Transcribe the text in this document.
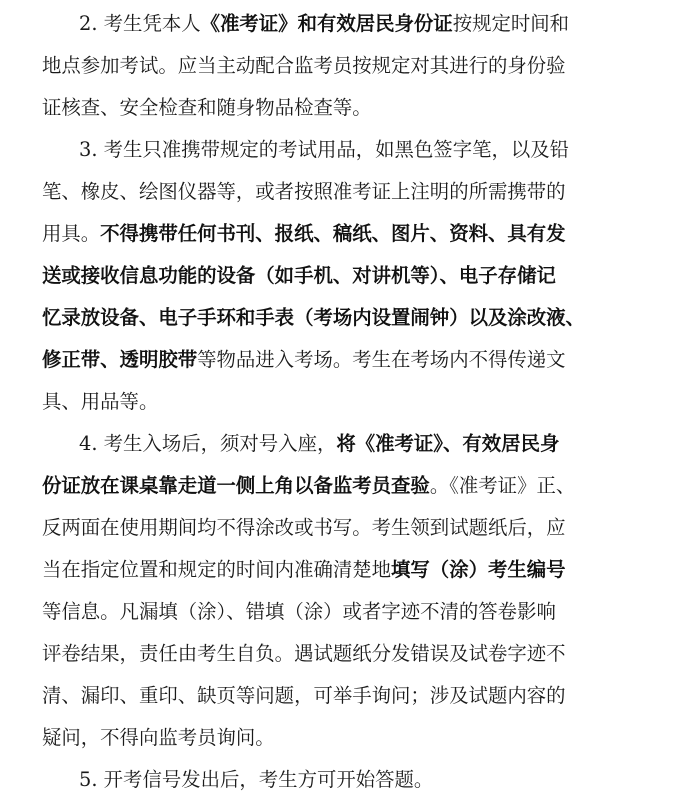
2. 考生凭本人《准考证》和有效居民身份证按规定时间和
地点参加考试。应当主动配合监考员按规定对其进行的身份验
证核查、安全检查和随身物品检查等。
3. 考生只准携带规定的考试用品，如黑色签字笔，以及铅
笔、橡皮、绘图仪器等，或者按照准考证上注明的所需携带的
用具。不得携带任何书刊、报纸、稿纸、图片、资料、具有发
送或接收信息功能的设备（如手机、对讲机等）、电子存储记
忆录放设备、电子手环和手表（考场内设置闹钟）以及涂改液、
修正带、透明胶带等物品进入考场。考生在考场内不得传递文
具、用品等。
4. 考生入场后，须对号入座，将《准考证》、有效居民身
份证放在课桌靠走道一侧上角以备监考员查验。《准考证》正、
反两面在使用期间均不得涂改或书写。考生领到试题纸后，应
当在指定位置和规定的时间内准确清楚地填写（涂）考生编号
等信息。凡漏填（涂）、错填（涂）或者字迹不清的答卷影响
评卷结果，责任由考生自负。遇试题纸分发错误及试卷字迹不
清、漏印、重印、缺页等问题，可举手询问；涉及试题内容的
疑问，不得向监考员询问。
5. 开考信号发出后，考生方可开始答题。
